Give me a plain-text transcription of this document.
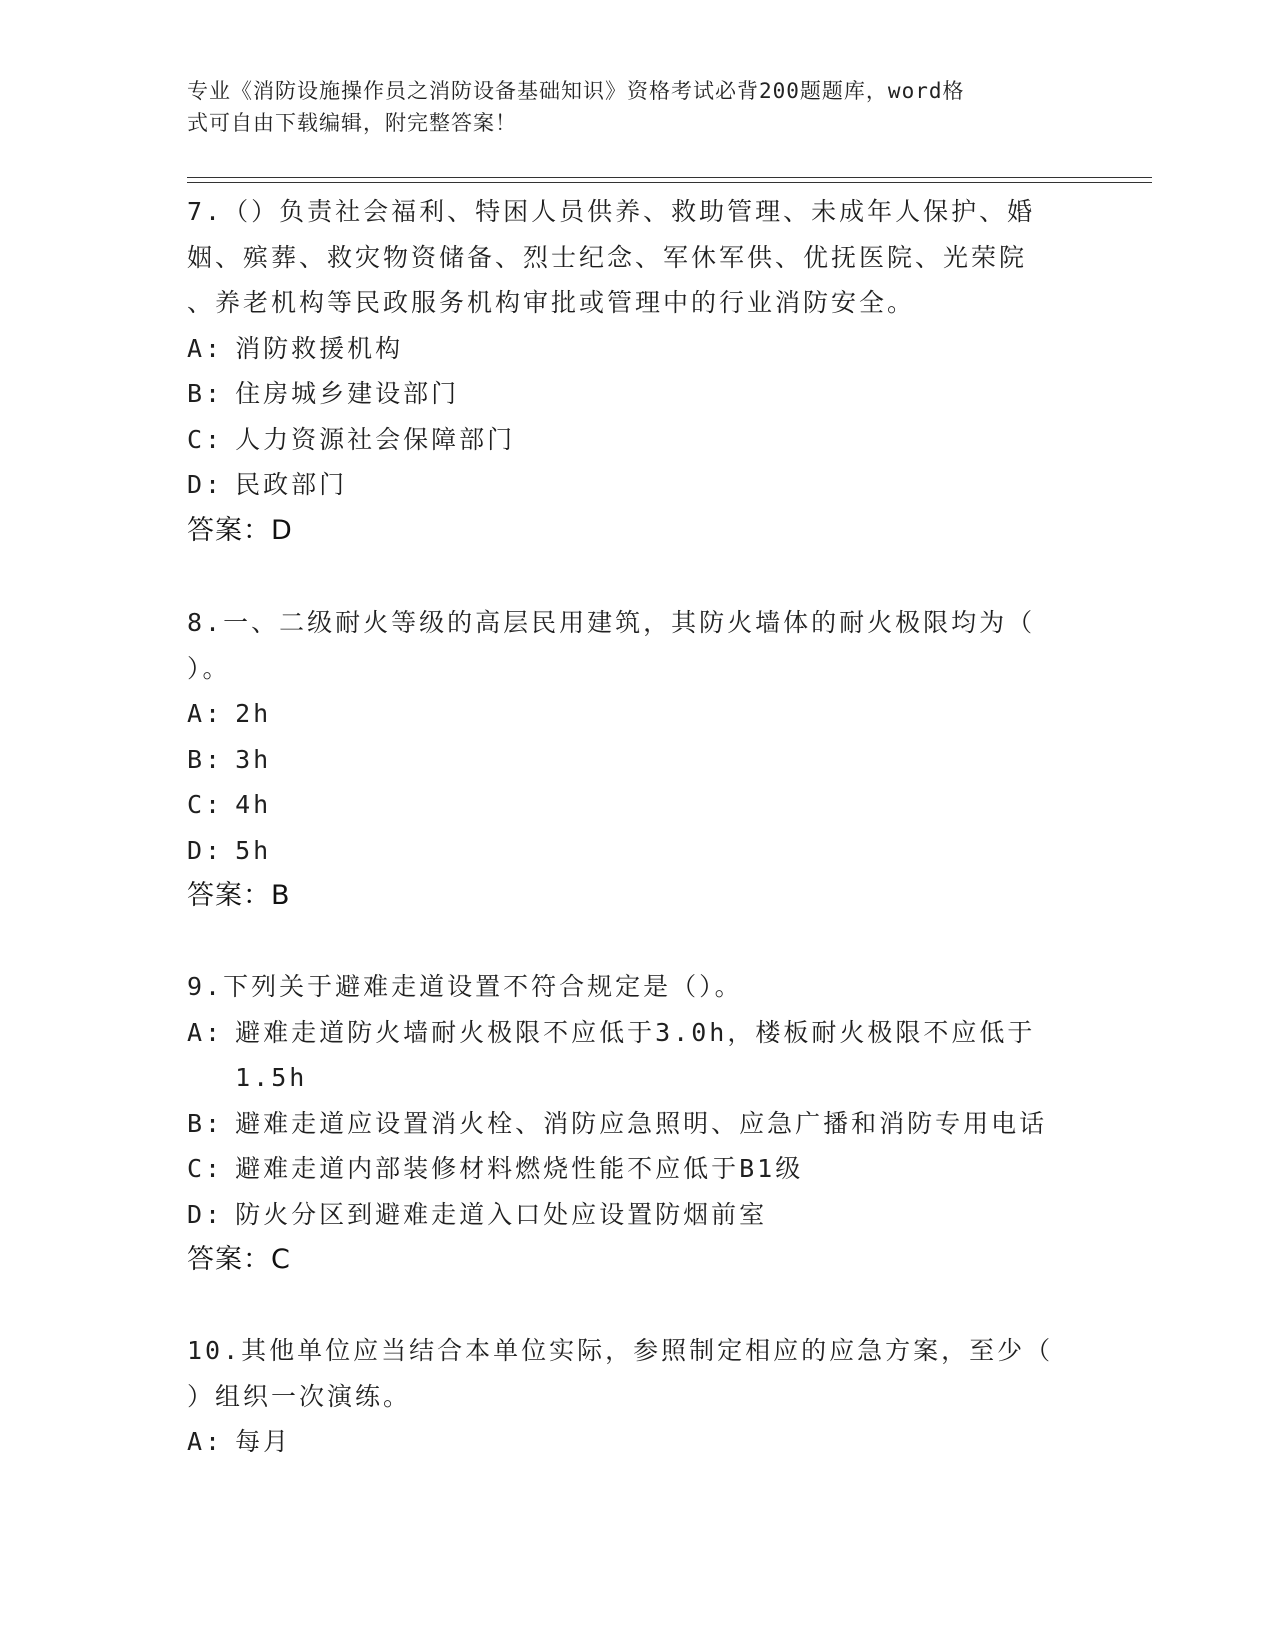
专业《消防设施操作员之消防设备基础知识》资格考试必背200题题库，word格
式可自由下载编辑，附完整答案！
7.（）负责社会福利、特困人员供养、救助管理、未成年人保护、婚
姻、殡葬、救灾物资储备、烈士纪念、军休军供、优抚医院、光荣院
、养老机构等民政服务机构审批或管理中的行业消防安全。
A: 消防救援机构
B: 住房城乡建设部门
C: 人力资源社会保障部门
D: 民政部门
答案：D
8.一、二级耐火等级的高层民用建筑，其防火墙体的耐火极限均为（
）。
A: 2h
B: 3h
C: 4h
D: 5h
答案：B
9.下列关于避难走道设置不符合规定是（）。
A: 避难走道防火墙耐火极限不应低于3.0h，楼板耐火极限不应低于1.5h
B: 避难走道应设置消火栓、消防应急照明、应急广播和消防专用电话
C: 避难走道内部装修材料燃烧性能不应低于B1级
D: 防火分区到避难走道入口处应设置防烟前室
答案：C
10.其他单位应当结合本单位实际，参照制定相应的应急方案，至少（
）组织一次演练。
A: 每月
